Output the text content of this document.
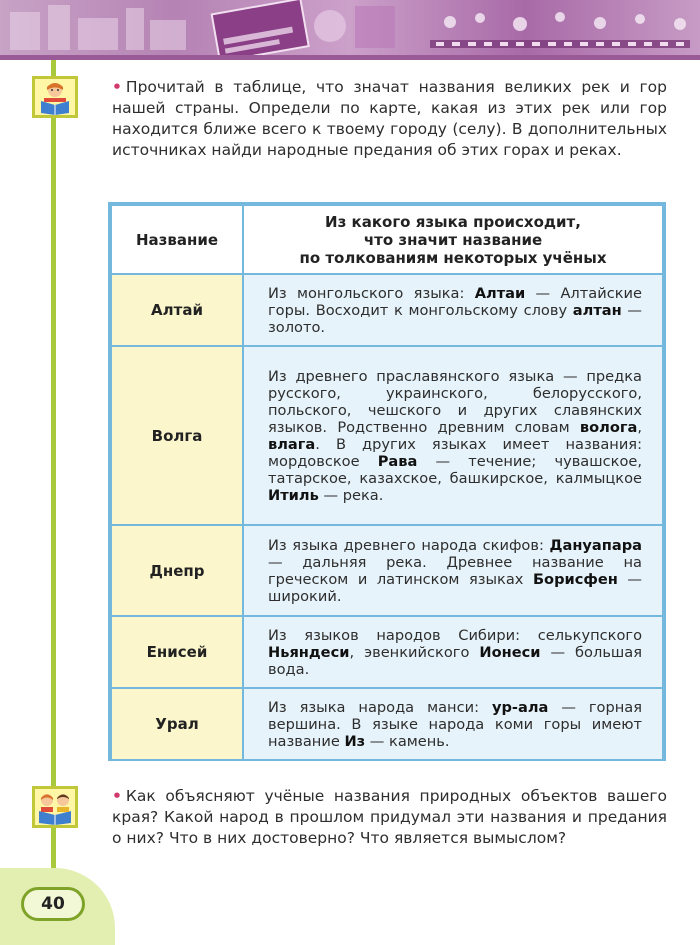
• Прочитай в таблице, что значат названия великих рек и гор нашей страны. Определи по карте, какая из этих рек или гор находится ближе всего к твоему городу (селу). В дополнительных источниках найди народные предания об этих горах и реках.

Название	Из какого языка происходит,
что значит название
по толкованиям некоторых учёных

Алтай	Из монгольского языка: Алтаи — Алтайские горы. Восходит к монгольскому слову алтан — золото.
Волга	Из древнего праславянского языка — предка русского, украинского, белорусского, польского, чешского и других славянских языков. Родственно древним словам вологa, влага. В других языках имеет названия: мордовское Рава — течение; чувашское, татарское, казахское, башкирское, калмыцкое Итиль — река.
Днепр	Из языка древнего народа скифов: Дануапара — дальняя река. Древнее название на греческом и латинском языках Борисфен — широкий.
Енисей	Из языков народов Сибири: селькупского Ньяндеси, эвенкийского Ионеси — большая вода.
Урал	Из языка народа манси: ур-ала — горная вершина. В языке народа коми горы имеют название Из — камень.

• Как объясняют учёные названия природных объектов вашего края? Какой народ в прошлом придумал эти названия и предания о них? Что в них достоверно? Что является вымыслом?

40
